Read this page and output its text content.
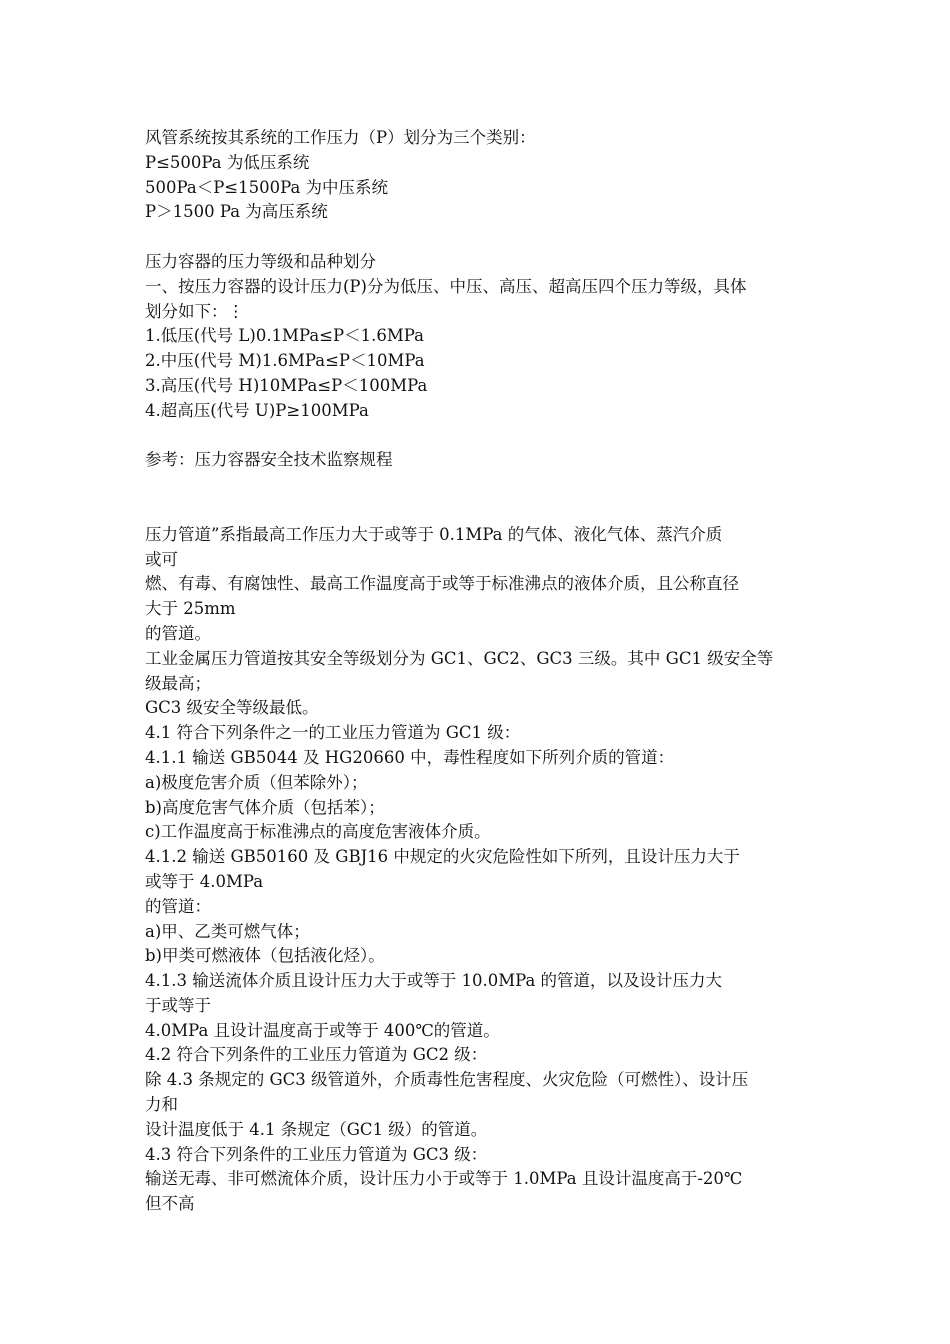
风管系统按其系统的工作压力（P）划分为三个类别：
P≤500Pa 为低压系统
500Pa＜P≤1500Pa 为中压系统
P＞1500 Pa 为高压系统
压力容器的压力等级和品种划分
一、按压力容器的设计压力(P)分为低压、中压、高压、超高压四个压力等级，具体
划分如下：⋮
1.低压(代号 L)0.1MPa≤P＜1.6MPa
2.中压(代号 M)1.6MPa≤P＜10MPa
3.高压(代号 H)10MPa≤P＜100MPa
4.超高压(代号 U)P≥100MPa
参考：压力容器安全技术监察规程
压力管道”系指最高工作压力大于或等于 0.1MPa 的气体、液化气体、蒸汽介质
或可
燃、有毒、有腐蚀性、最高工作温度高于或等于标准沸点的液体介质，且公称直径
大于 25mm
的管道。
工业金属压力管道按其安全等级划分为 GC1、GC2、GC3 三级。其中 GC1 级安全等
级最高；
GC3 级安全等级最低。
4.1 符合下列条件之一的工业压力管道为 GC1 级：
4.1.1 输送 GB5044 及 HG20660 中，毒性程度如下所列介质的管道：
a)极度危害介质（但苯除外）；
b)高度危害气体介质（包括苯）；
c)工作温度高于标准沸点的高度危害液体介质。
4.1.2 输送 GB50160 及 GBJ16 中规定的火灾危险性如下所列，且设计压力大于
或等于 4.0MPa
的管道：
a)甲、乙类可燃气体；
b)甲类可燃液体（包括液化烃）。
4.1.3 输送流体介质且设计压力大于或等于 10.0MPa 的管道，以及设计压力大
于或等于
4.0MPa 且设计温度高于或等于 400℃的管道。
4.2 符合下列条件的工业压力管道为 GC2 级：
除 4.3 条规定的 GC3 级管道外，介质毒性危害程度、火灾危险（可燃性）、设计压
力和
设计温度低于 4.1 条规定（GC1 级）的管道。
4.3 符合下列条件的工业压力管道为 GC3 级：
输送无毒、非可燃流体介质，设计压力小于或等于 1.0MPa 且设计温度高于-20℃
但不高
